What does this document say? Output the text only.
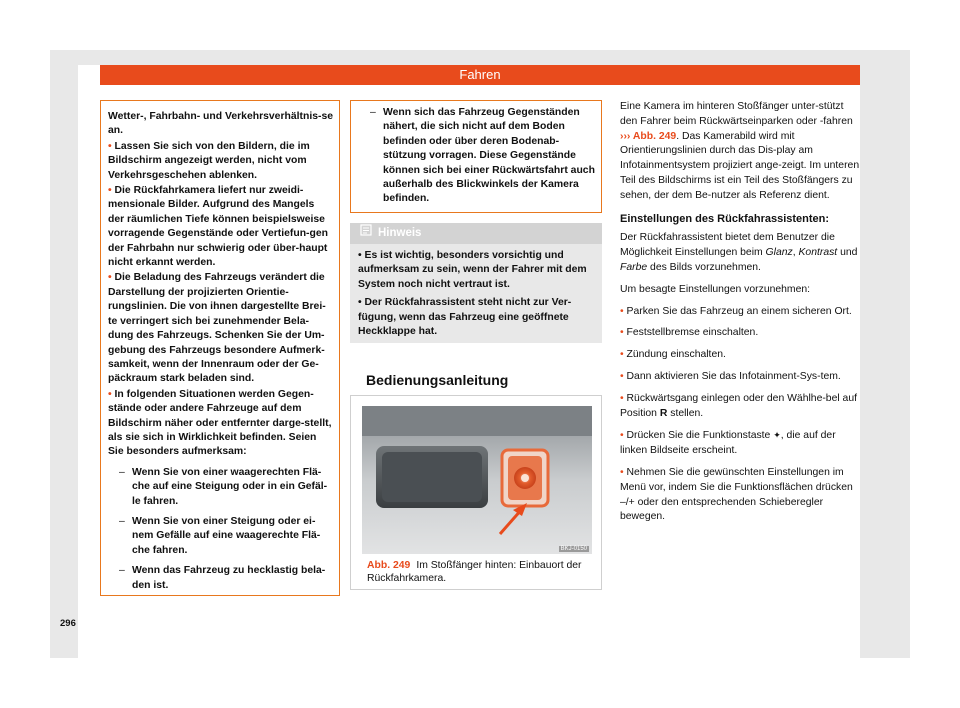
Fahren

Wetter-, Fahrbahn- und Verkehrsverhältnis-se an.

• Lassen Sie sich von den Bildern, die im Bildschirm angezeigt werden, nicht vom Verkehrsgeschehen ablenken.

• Die Rückfahrkamera liefert nur zweidi-mensionale Bilder. Aufgrund des Mangels der räumlichen Tiefe können beispielsweise vorragende Gegenstände oder Vertiefun-gen der Fahrbahn nur schwierig oder über-haupt nicht erkannt werden.

• Die Beladung des Fahrzeugs verändert die Darstellung der projizierten Orientie-rungslinien. Die von ihnen dargestellte Brei-te verringert sich bei zunehmender Bela-dung des Fahrzeugs. Schenken Sie der Um-gebung des Fahrzeugs besondere Aufmerk-samkeit, wenn der Innenraum oder der Ge-päckraum stark beladen sind.

• In folgenden Situationen werden Gegen-stände oder andere Fahrzeuge auf dem Bildschirm näher oder entfernter darge-stellt, als sie sich in Wirklichkeit befinden. Seien Sie besonders aufmerksam:

– Wenn Sie von einer waagerechten Flä-che auf eine Steigung oder in ein Gefäl-le fahren.
– Wenn Sie von einer Steigung oder ei-nem Gefälle auf eine waagerechte Flä-che fahren.
– Wenn das Fahrzeug zu hecklastig bela-den ist.
– Wenn sich das Fahrzeug Gegenständen nähert, die sich nicht auf dem Boden befinden oder über deren Bodenab-stützung vorragen. Diese Gegenstände können sich bei einer Rückwärtsfahrt auch außerhalb des Blickwinkels der Kamera befinden.
Hinweis

• Es ist wichtig, besonders vorsichtig und aufmerksam zu sein, wenn der Fahrer mit dem System noch nicht vertraut ist.

• Der Rückfahrassistent steht nicht zur Ver-fügung, wenn das Fahrzeug eine geöffnete Heckklappe hat.

Bedienungsanleitung
BKJ-0150
Abb. 249 Im Stoßfänger hinten: Einbauort der Rückfahrkamera.

Eine Kamera im hinteren Stoßfänger unter-stützt den Fahrer beim Rückwärtseinparken oder -fahren ››› Abb. 249. Das Kamerabild wird mit Orientierungslinien durch das Dis-play am Infotainmentsystem projiziert ange-zeigt. Im unteren Teil des Bildschirms ist ein Teil des Stoßfängers zu sehen, der dem Be-nutzer als Referenz dient.

Einstellungen des Rückfahrassistenten:

Der Rückfahrassistent bietet dem Benutzer die Möglichkeit Einstellungen beim Glanz, Kontrast und Farbe des Bilds vorzunehmen.

Um besagte Einstellungen vorzunehmen:

• Parken Sie das Fahrzeug an einem sicheren Ort.

• Feststellbremse einschalten.

• Zündung einschalten.

• Dann aktivieren Sie das Infotainment-Sys-tem.

• Rückwärtsgang einlegen oder den Wählhe-bel auf Position R stellen.

• Drücken Sie die Funktionstaste ✦, die auf der linken Bildseite erscheint.

• Nehmen Sie die gewünschten Einstellungen im Menü vor, indem Sie die Funktionsflächen drücken –/+ oder den entsprechenden Schieberegler bewegen.

296
